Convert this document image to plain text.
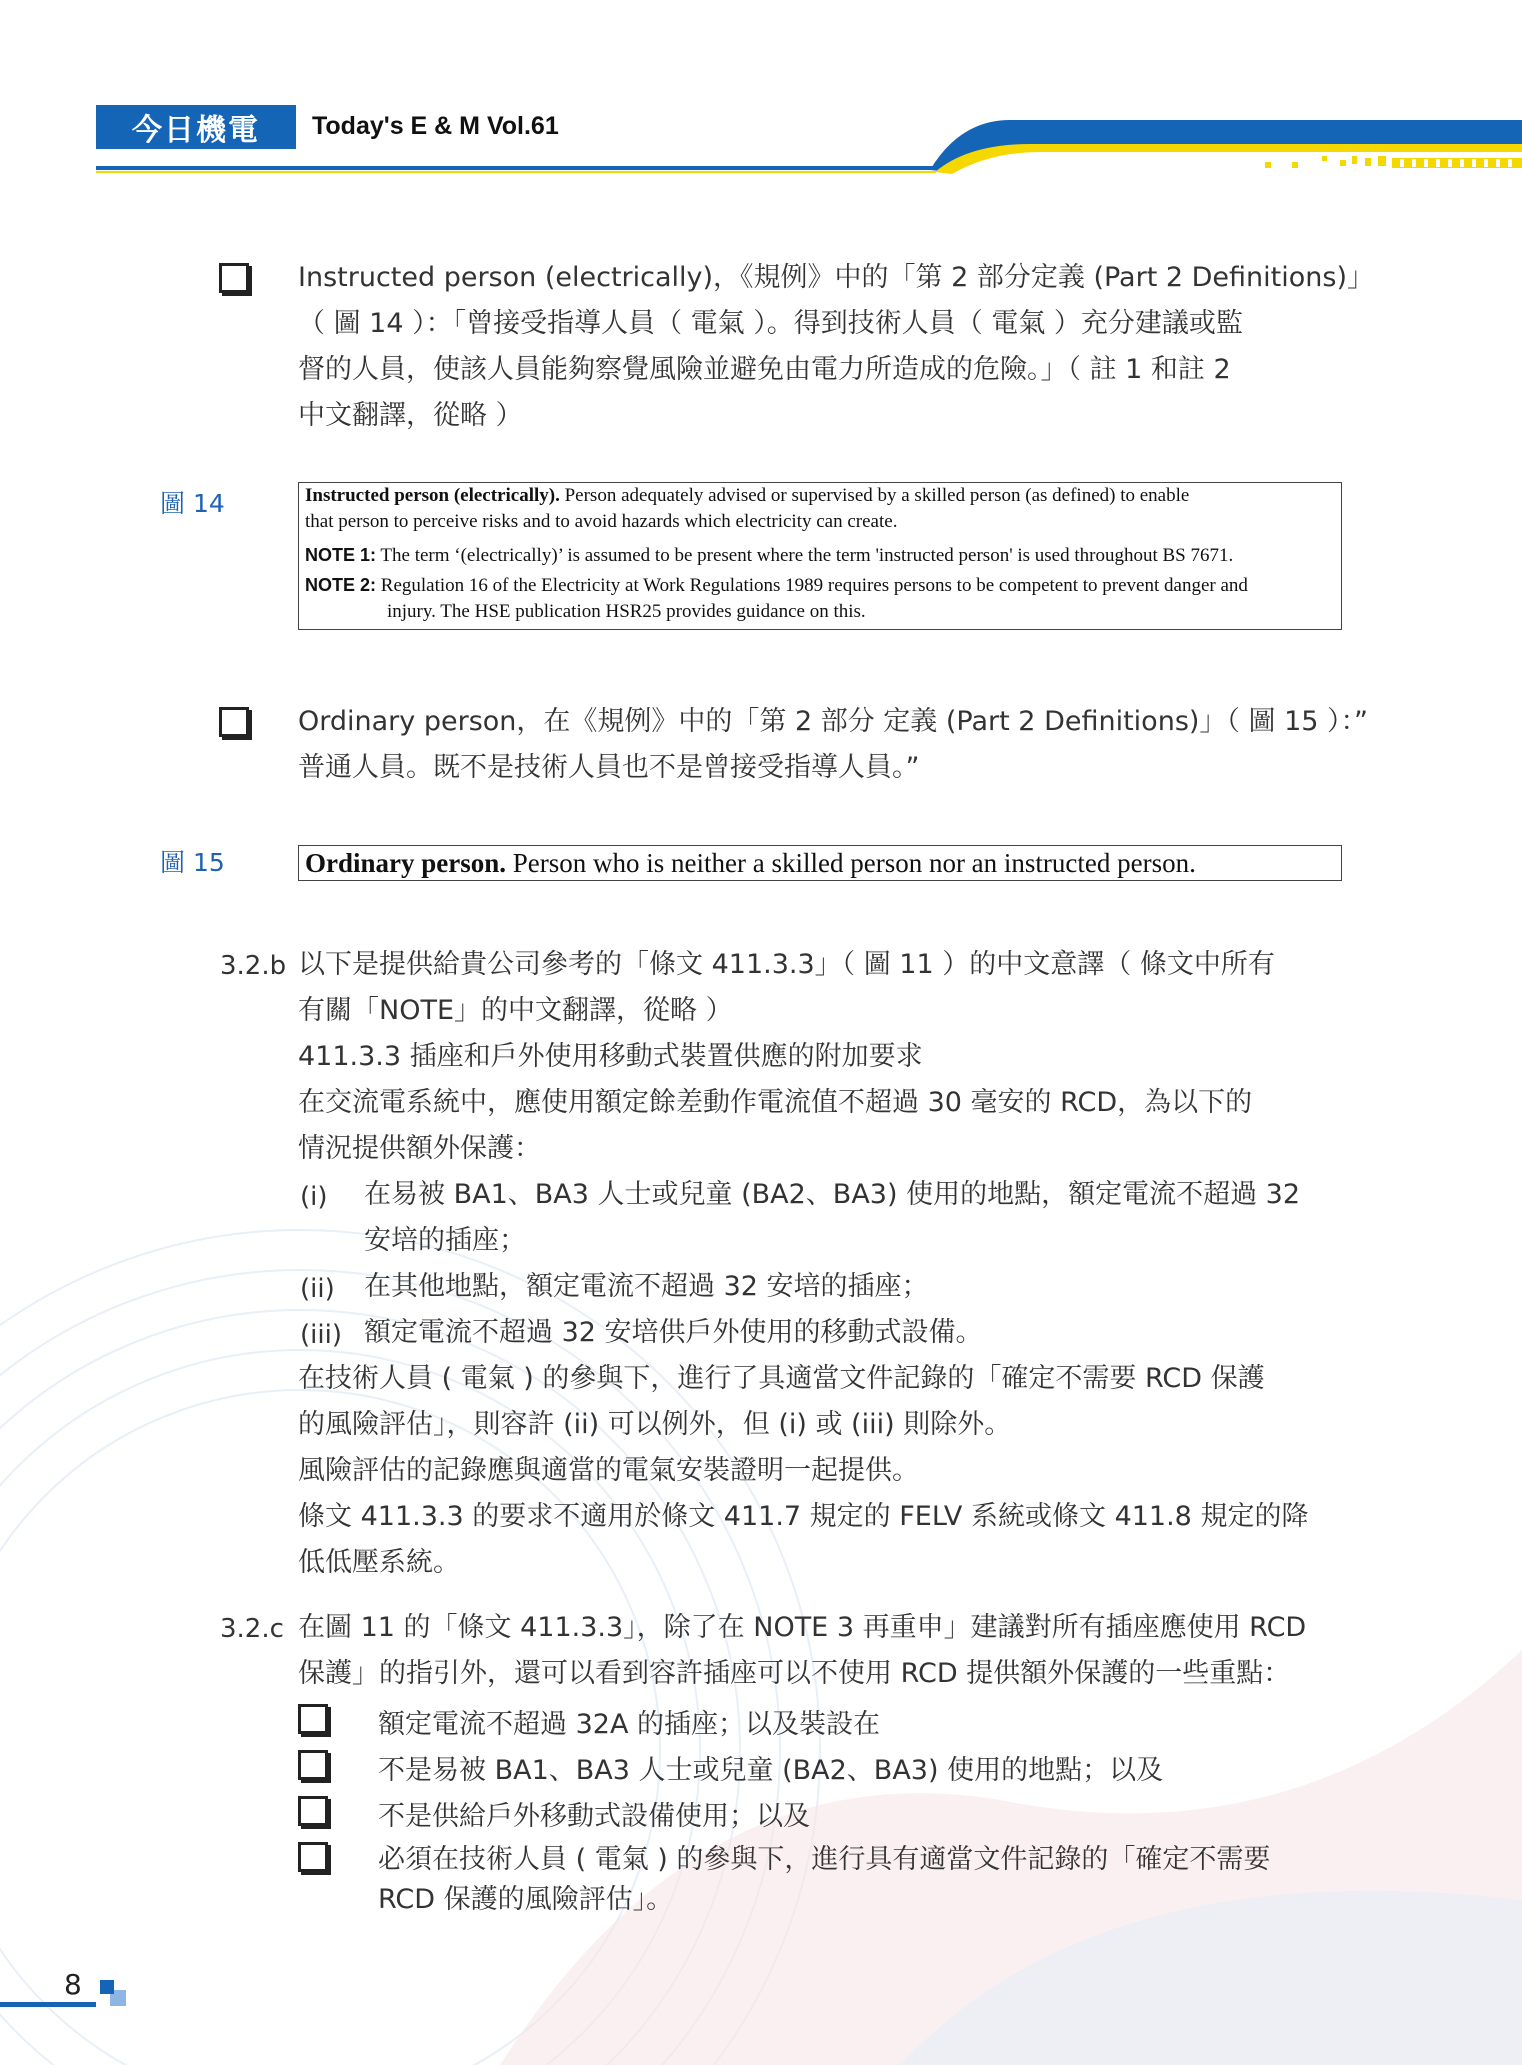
今日機電	Today's E & M Vol.61
Instructed person (electrically)，《規例》中的「第 2 部分定義 (Part 2 Definitions)」
（ 圖 14 ）：「曾接受指導人員（ 電氣 ）。得到技術人員（ 電氣 ）充分建議或監
督的人員，使該人員能夠察覺風險並避免由電力所造成的危險。」（ 註 1 和註 2
中文翻譯，從略 ）
圖 14	Instructed person (electrically). Person adequately advised or supervised by a skilled person (as defined) to enable
that person to perceive risks and to avoid hazards which electricity can create.
NOTE 1: The term ‘(electrically)’ is assumed to be present where the term 'instructed person' is used throughout BS 7671.
NOTE 2: Regulation 16 of the Electricity at Work Regulations 1989 requires persons to be competent to prevent danger and
injury. The HSE publication HSR25 provides guidance on this.
Ordinary person，在《規例》中的「第 2 部分 定義 (Part 2 Definitions)」（ 圖 15 ）：”
普通人員。既不是技術人員也不是曾接受指導人員。”
圖 15	Ordinary person. Person who is neither a skilled person nor an instructed person.
3.2.b 以下是提供給貴公司參考的「條文 411.3.3」（ 圖 11 ）的中文意譯（ 條文中所有
有關「NOTE」的中文翻譯，從略 ）
411.3.3 插座和戶外使用移動式裝置供應的附加要求
在交流電系統中，應使用額定餘差動作電流值不超過 30 毫安的 RCD，為以下的
情況提供額外保護：
(i) 在易被 BA1、BA3 人士或兒童 (BA2、BA3) 使用的地點，額定電流不超過 32
安培的插座；
(ii) 在其他地點，額定電流不超過 32 安培的插座；
(iii) 額定電流不超過 32 安培供戶外使用的移動式設備。
在技術人員 ( 電氣 ) 的參與下，進行了具適當文件記錄的「確定不需要 RCD 保護
的風險評估」，則容許 (ii) 可以例外，但 (i) 或 (iii) 則除外。
風險評估的記錄應與適當的電氣安裝證明一起提供。
條文 411.3.3 的要求不適用於條文 411.7 規定的 FELV 系統或條文 411.8 規定的降
低低壓系統。
3.2.c 在圖 11 的「條文 411.3.3」，除了在 NOTE 3 再重申」建議對所有插座應使用 RCD
保護」的指引外，還可以看到容許插座可以不使用 RCD 提供額外保護的一些重點：
額定電流不超過 32A 的插座；以及裝設在
不是易被 BA1、BA3 人士或兒童 (BA2、BA3) 使用的地點；以及
不是供給戶外移動式設備使用；以及
必須在技術人員 ( 電氣 ) 的參與下，進行具有適當文件記錄的「確定不需要
RCD 保護的風險評估」。
8
